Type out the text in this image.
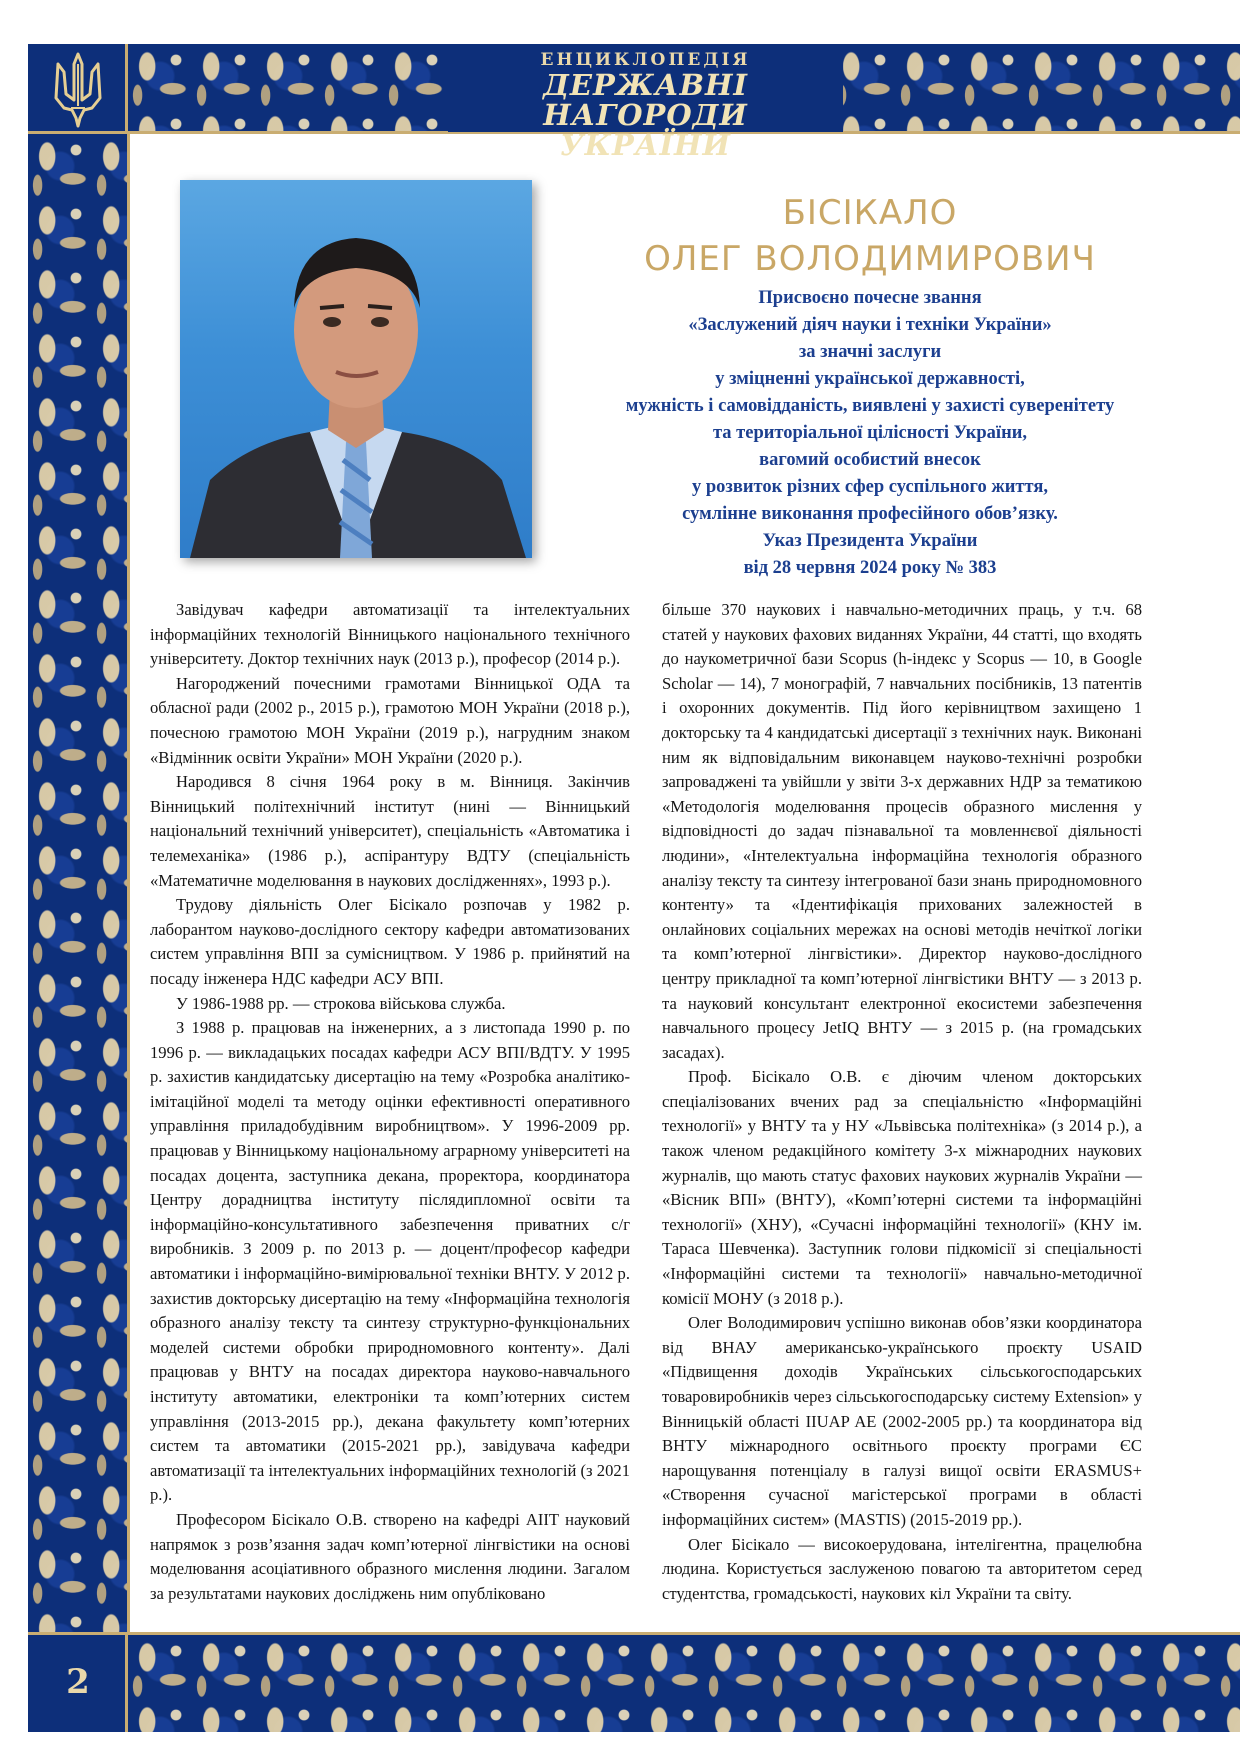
ЕНЦИКЛОПЕДІЯ
ДЕРЖАВНІ НАГОРОДИ
УКРАЇНИ
2
БІСІКАЛО
ОЛЕГ ВОЛОДИМИРОВИЧ
Присвоєно почесне звання
«Заслужений діяч науки і техніки України»
за значні заслуги
у зміцненні української державності,
мужність і самовідданість, виявлені у захисті суверенітету
та територіальної цілісності України,
вагомий особистий внесок
у розвиток різних сфер суспільного життя,
сумлінне виконання професійного обов’язку.
Указ Президента України
від 28 червня 2024 року № 383

Завідувач кафедри автоматизації та інтелектуальних інформаційних технологій Вінницького національного технічного університету. Доктор технічних наук (2013 р.), професор (2014 р.).

Нагороджений почесними грамотами Вінницької ОДА та обласної ради (2002 р., 2015 р.), грамотою МОН України (2018 р.), почесною грамотою МОН України (2019 р.), нагрудним знаком «Відмінник освіти України» МОН України (2020 р.).

Народився 8 січня 1964 року в м. Вінниця. Закінчив Вінницький політехнічний інститут (нині — Вінницький національний технічний університет), спеціальність «Автоматика і телемеханіка» (1986 р.), аспірантуру ВДТУ (спеціальність «Математичне моделювання в наукових дослідженнях», 1993 р.).

Трудову діяльність Олег Бісікало розпочав у 1982 р. лаборантом науково-дослідного сектору кафедри автоматизованих систем управління ВПІ за сумісництвом. У 1986 р. прийнятий на посаду інженера НДС кафедри АСУ ВПІ.

У 1986-1988 рр. — строкова військова служба.

З 1988 р. працював на інженерних, а з листопада 1990 р. по 1996 р. — викладацьких посадах кафедри АСУ ВПІ/ВДТУ. У 1995 р. захистив кандидатську дисертацію на тему «Розробка аналітико-імітаційної моделі та методу оцінки ефективності оперативного управління приладобудівним виробництвом». У 1996-2009 рр. працював у Вінницькому національному аграрному університеті на посадах доцента, заступника декана, проректора, координатора Центру дорадництва інституту післядипломної освіти та інформаційно-консультативного забезпечення приватних с/г виробників. З 2009 р. по 2013 р. — доцент/професор кафедри автоматики і інформаційно-вимірювальної техніки ВНТУ. У 2012 р. захистив докторську дисертацію на тему «Інформаційна технологія образного аналізу тексту та синтезу структурно-функціональних моделей системи обробки природномовного контенту». Далі працював у ВНТУ на посадах директора науково-навчального інституту автоматики, електроніки та комп’ютерних систем управління (2013-2015 рр.), декана факультету комп’ютерних систем та автоматики (2015-2021 рр.), завідувача кафедри автоматизації та інтелектуальних інформаційних технологій (з 2021 р.).

Професором Бісікало О.В. створено на кафедрі АІІТ науковий напрямок з розв’язання задач комп’ютерної лінгвістики на основі моделювання асоціативного образного мислення людини. Загалом за результатами наукових досліджень ним опубліковано

більше 370 наукових і навчально-методичних праць, у т.ч. 68 статей у наукових фахових виданнях України, 44 статті, що входять до наукометричної бази Scopus (h-індекс у Scopus — 10, в Google Scholar — 14), 7 монографій, 7 навчальних посібників, 13 патентів і охоронних документів. Під його керівництвом захищено 1 докторську та 4 кандидатські дисертації з технічних наук. Виконані ним як відповідальним виконавцем науково-технічні розробки запроваджені та увійшли у звіти 3-х державних НДР за тематикою «Методологія моделювання процесів образного мислення у відповідності до задач пізнавальної та мовленнєвої діяльності людини», «Інтелектуальна інформаційна технологія образного аналізу тексту та синтезу інтегрованої бази знань природномовного контенту» та «Ідентифікація прихованих залежностей в онлайнових соціальних мережах на основі методів нечіткої логіки та комп’ютерної лінгвістики». Директор науково-дослідного центру прикладної та комп’ютерної лінгвістики ВНТУ — з 2013 р. та науковий консультант електронної екосистеми забезпечення навчального процесу JetIQ ВНТУ — з 2015 р. (на громадських засадах).

Проф. Бісікало О.В. є діючим членом докторських спеціалізованих вчених рад за спеціальністю «Інформаційні технології» у ВНТУ та у НУ «Львівська політехніка» (з 2014 р.), а також членом редакційного комітету 3-х міжнародних наукових журналів, що мають статус фахових наукових журналів України — «Вісник ВПІ» (ВНТУ), «Комп’ютерні системи та інформаційні технології» (ХНУ), «Сучасні інформаційні технології» (КНУ ім. Тараса Шевченка). Заступник голови підкомісії зі спеціальності «Інформаційні системи та технології» навчально-методичної комісії МОНУ (з 2018 р.).

Олег Володимирович успішно виконав обов’язки координатора від ВНАУ американсько-українського проєкту USAID «Підвищення доходів Українських сільськогосподарських товаровиробників через сільськогосподарську систему Extension» у Вінницькій області IIUAP AE (2002-2005 рр.) та координатора від ВНТУ міжнародного освітнього проєкту програми ЄС нарощування потенціалу в галузі вищої освіти ERASMUS+ «Створення сучасної магістерської програми в області інформаційних систем» (MASTIS) (2015-2019 рр.).

Олег Бісікало — високоерудована, інтелігентна, працелюбна людина. Користується заслуженою повагою та авторитетом серед студентства, громадськості, наукових кіл України та світу.
